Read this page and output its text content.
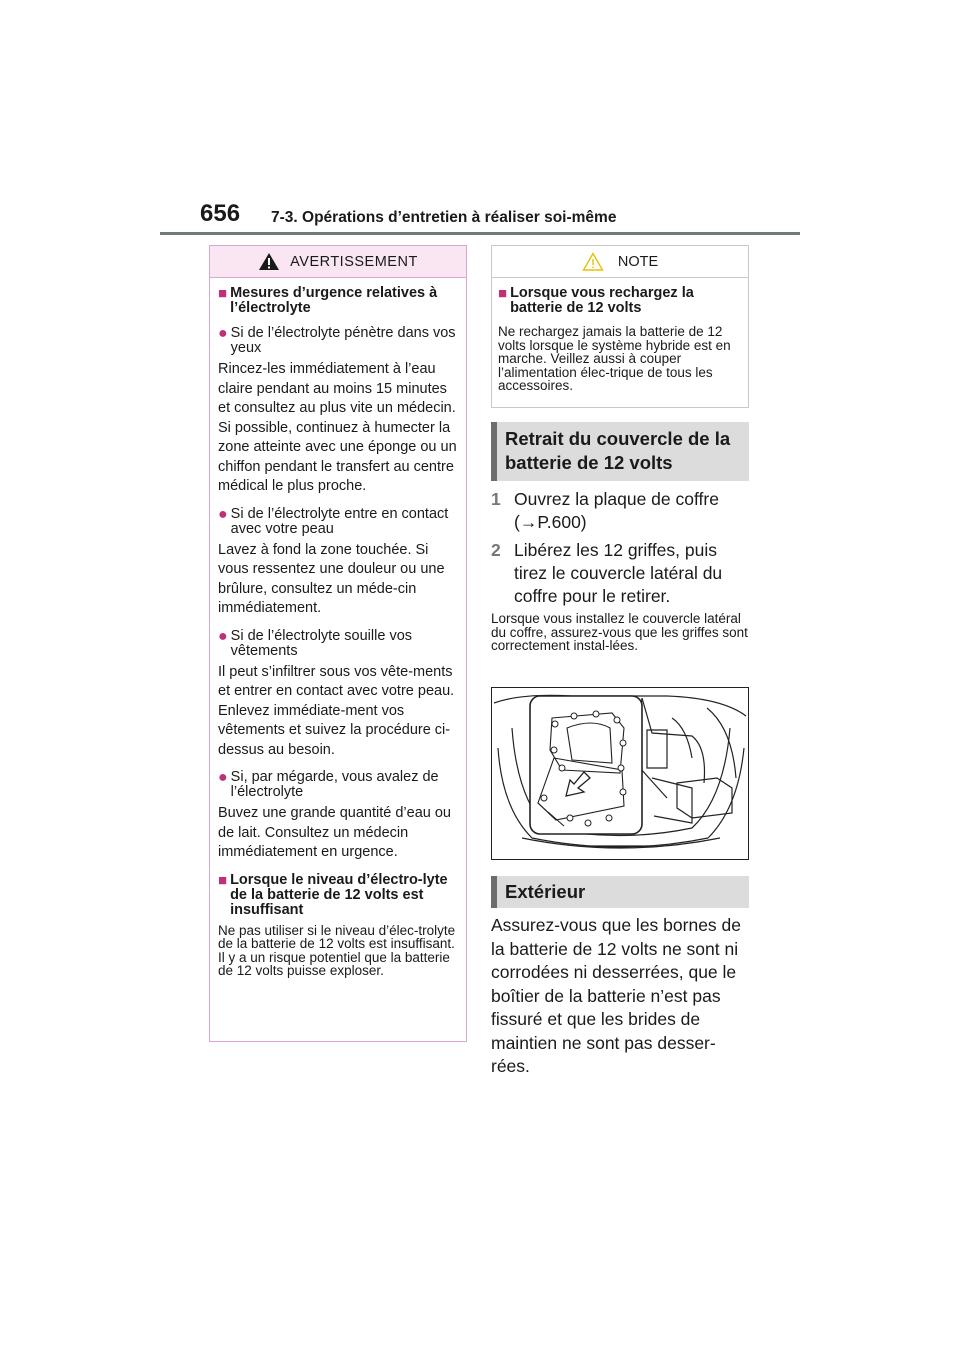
656 7-3. Opérations d’entretien à réaliser soi-même
AVERTISSEMENT
■ Mesures d’urgence relatives à l’électrolyte
● Si de l’électrolyte pénètre dans vos yeux
Rincez-les immédiatement à l’eau claire pendant au moins 15 minutes et consultez au plus vite un médecin. Si possible, continuez à humecter la zone atteinte avec une éponge ou un chiffon pendant le transfert au centre médical le plus proche.
● Si de l’électrolyte entre en contact avec votre peau
Lavez à fond la zone touchée. Si vous ressentez une douleur ou une brûlure, consultez un méde-cin immédiatement.
● Si de l’électrolyte souille vos vêtements
Il peut s’infiltrer sous vos vête-ments et entrer en contact avec votre peau. Enlevez immédiate-ment vos vêtements et suivez la procédure ci-dessus au besoin.
● Si, par mégarde, vous avalez de l’électrolyte
Buvez une grande quantité d’eau ou de lait. Consultez un médecin immédiatement en urgence.
■ Lorsque le niveau d’électro-lyte de la batterie de 12 volts est insuffisant
Ne pas utiliser si le niveau d’élec-trolyte de la batterie de 12 volts est insuffisant. Il y a un risque potentiel que la batterie de 12 volts puisse exploser.
NOTE
■ Lorsque vous rechargez la batterie de 12 volts
Ne rechargez jamais la batterie de 12 volts lorsque le système hybride est en marche. Veillez aussi à couper l’alimentation élec-trique de tous les accessoires.
Retrait du couvercle de la batterie de 12 volts
1 Ouvrez la plaque de coffre (→P.600)
2 Libérez les 12 griffes, puis tirez le couvercle latéral du coffre pour le retirer.
Lorsque vous installez le couvercle latéral du coffre, assurez-vous que les griffes sont correctement instal-lées.
Extérieur
Assurez-vous que les bornes de la batterie de 12 volts ne sont ni corrodées ni desserrées, que le boîtier de la batterie n’est pas fissuré et que les brides de maintien ne sont pas desser-rées.
